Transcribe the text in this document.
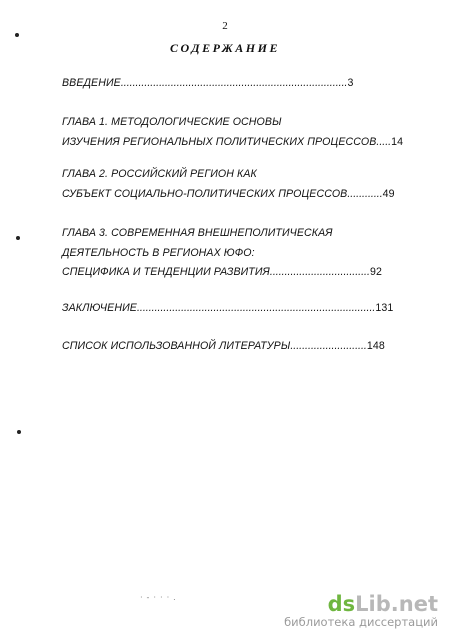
2
СОДЕРЖАНИЕ
ВВЕДЕНИЕ.............................................................................3
ГЛАВА 1. МЕТОДОЛОГИЧЕСКИЕ ОСНОВЫ
ИЗУЧЕНИЯ РЕГИОНАЛЬНЫХ ПОЛИТИЧЕСКИХ ПРОЦЕССОВ.....14
ГЛАВА 2. РОССИЙСКИЙ РЕГИОН КАК
СУБЪЕКТ СОЦИАЛЬНО-ПОЛИТИЧЕСКИХ ПРОЦЕССОВ............49
ГЛАВА 3. СОВРЕМЕННАЯ ВНЕШНЕПОЛИТИЧЕСКАЯ
ДЕЯТЕЛЬНОСТЬ В РЕГИОНАХ ЮФО:
СПЕЦИФИКА И ТЕНДЕНЦИИ РАЗВИТИЯ..................................92
ЗАКЛЮЧЕНИЕ.................................................................................131
СПИСОК ИСПОЛЬЗОВАННОЙ ЛИТЕРАТУРЫ..........................148
· - · · · .	dsLib.net
библиотека диссертаций
